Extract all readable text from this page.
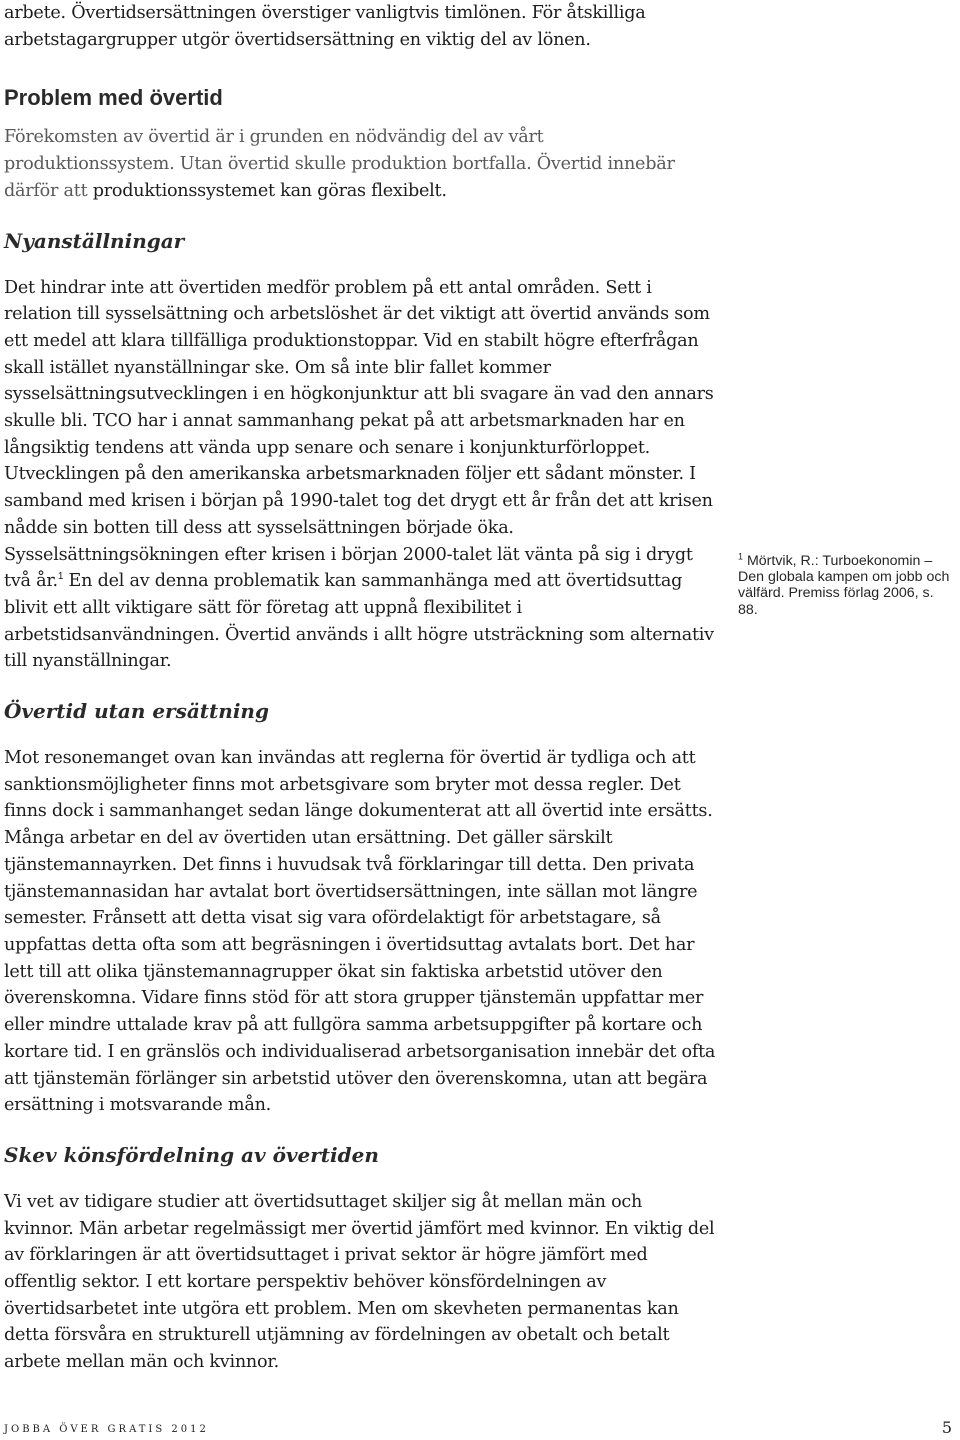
arbete. Övertidsersättningen överstiger vanligtvis timlönen. För åtskilliga arbetstagargrupper utgör övertidsersättning en viktig del av lönen.

Problem med övertid

Förekomsten av övertid är i grunden en nödvändig del av vårt produktionssystem. Utan övertid skulle produktion bortfalla. Övertid innebär därför att produktionssystemet kan göras flexibelt.

Nyanställningar

Det hindrar inte att övertiden medför problem på ett antal områden. Sett i relation till sysselsättning och arbetslöshet är det viktigt att övertid används som ett medel att klara tillfälliga produktionstoppar. Vid en stabilt högre efterfrågan skall istället nyanställningar ske. Om så inte blir fallet kommer sysselsättningsutvecklingen i en högkonjunktur att bli svagare än vad den annars skulle bli. TCO har i annat sammanhang pekat på att arbetsmarknaden har en långsiktig tendens att vända upp senare och senare i konjunkturförloppet. Utvecklingen på den amerikanska arbetsmarknaden följer ett sådant mönster. I samband med krisen i början på 1990-talet tog det drygt ett år från det att krisen nådde sin botten till dess att sysselsättningen började öka. Sysselsättningsökningen efter krisen i början 2000-talet lät vänta på sig i drygt två år.$^1$ En del av denna problematik kan sammanhänga med att övertidsuttag blivit ett allt viktigare sätt för företag att uppnå flexibilitet i arbetstidsanvändningen. Övertid används i allt högre utsträckning som alternativ till nyanställningar.

Övertid utan ersättning

Mot resonemanget ovan kan invändas att reglerna för övertid är tydliga och att sanktionsmöjligheter finns mot arbetsgivare som bryter mot dessa regler. Det finns dock i sammanhanget sedan länge dokumenterat att all övertid inte ersätts. Många arbetar en del av övertiden utan ersättning. Det gäller särskilt tjänstemannayrken. Det finns i huvudsak två förklaringar till detta. Den privata tjänstemannasidan har avtalat bort övertidsersättningen, inte sällan mot längre semester. Frånsett att detta visat sig vara ofördelaktigt för arbetstagare, så uppfattas detta ofta som att begräsningen i övertidsuttag avtalats bort. Det har lett till att olika tjänstemannagrupper ökat sin faktiska arbetstid utöver den överenskomna. Vidare finns stöd för att stora grupper tjänstemän uppfattar mer eller mindre uttalade krav på att fullgöra samma arbetsuppgifter på kortare och kortare tid. I en gränslös och individualiserad arbetsorganisation innebär det ofta att tjänstemän förlänger sin arbetstid utöver den överenskomna, utan att begära ersättning i motsvarande mån.

Skev könsfördelning av övertiden

Vi vet av tidigare studier att övertidsuttaget skiljer sig åt mellan män och kvinnor. Män arbetar regelmässigt mer övertid jämfört med kvinnor. En viktig del av förklaringen är att övertidsuttaget i privat sektor är högre jämfört med offentlig sektor. I ett kortare perspektiv behöver könsfördelningen av övertidsarbetet inte utgöra ett problem. Men om skevheten permanentas kan detta försvåra en strukturell utjämning av fördelningen av obetalt och betalt arbete mellan män och kvinnor.

$^1$ Mörtvik, R.: Turboekonomin – Den globala kampen om jobb och välfärd. Premiss förlag 2006, s. 88.
jobba över gratis 2012	5
